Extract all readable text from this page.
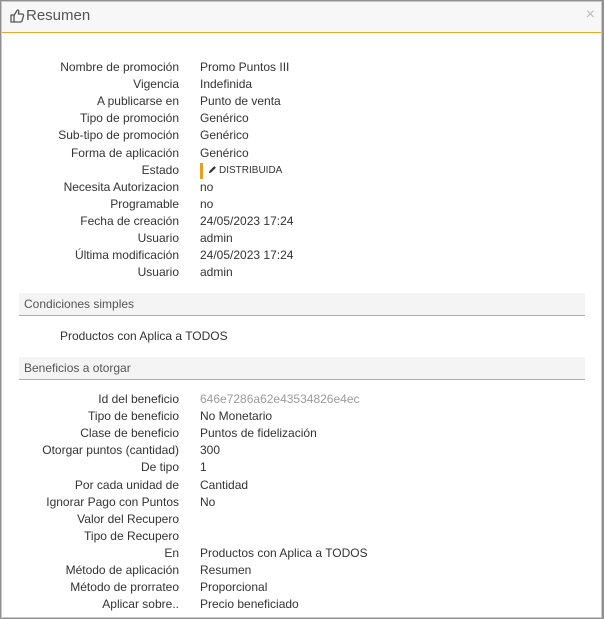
Resumen	×
Nombre de promoción Promo Puntos III
Vigencia Indefinida
A publicarse en Punto de venta
Tipo de promoción Genérico
Sub-tipo de promoción Genérico
Forma de aplicación Genérico
Estado	DISTRIBUIDA
Necesita Autorizacion no
Programable no
Fecha de creación 24/05/2023 17:24
Usuario admin
Última modificación 24/05/2023 17:24
Usuario admin
Condiciones simples
Productos con Aplica a TODOS
Beneficios a otorgar
Id del beneficio 646e7286a62e43534826e4ec
Tipo de beneficio No Monetario
Clase de beneficio Puntos de fidelización
Otorgar puntos (cantidad) 300
De tipo 1
Por cada unidad de Cantidad
Ignorar Pago con Puntos No
Valor del Recupero
Tipo de Recupero
En Productos con Aplica a TODOS
Método de aplicación Resumen
Método de prorrateo Proporcional
Aplicar sobre.. Precio beneficiado
